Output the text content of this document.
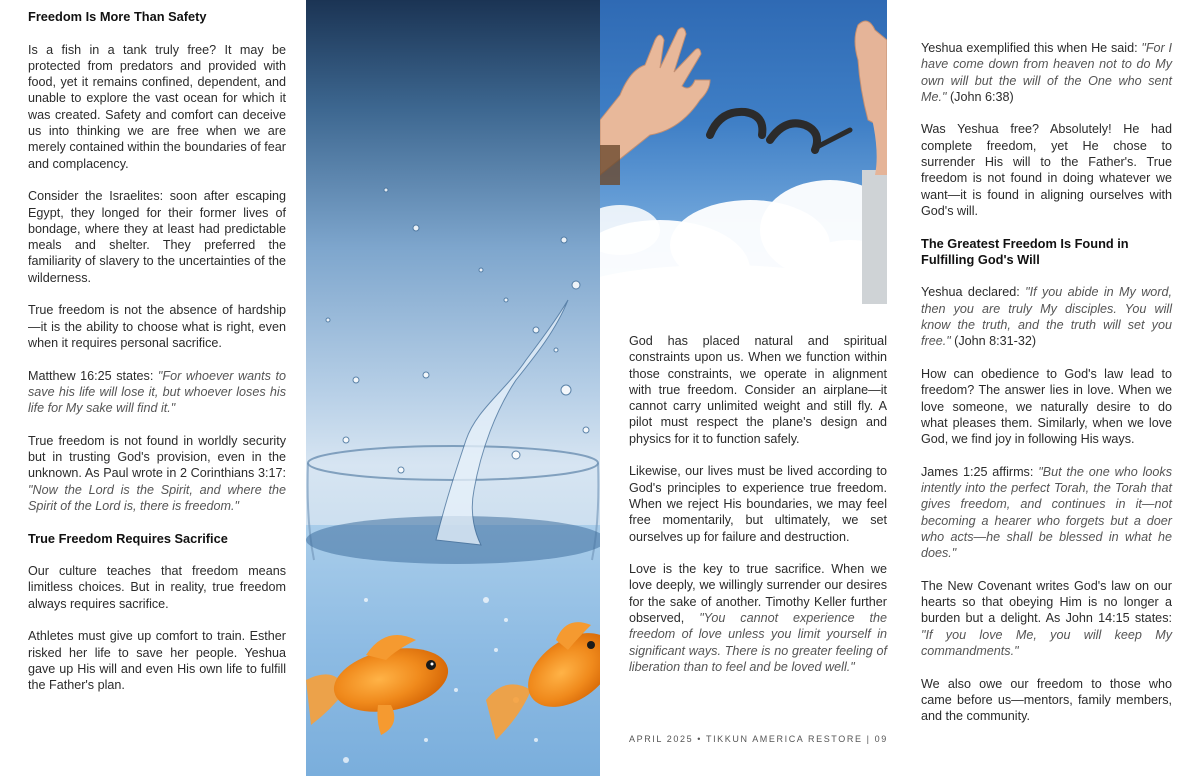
Freedom Is More Than Safety

Is a fish in a tank truly free? It may be protected from predators and provided with food, yet it remains confined, dependent, and unable to explore the vast ocean for which it was created. Safety and comfort can deceive us into thinking we are free when we are merely contained within the boundaries of fear and complacency.

Consider the Israelites: soon after escaping Egypt, they longed for their former lives of bondage, where they at least had predictable meals and shelter. They preferred the familiarity of slavery to the uncertainties of the wilderness.

True freedom is not the absence of hardship—it is the ability to choose what is right, even when it requires personal sacrifice.

Matthew 16:25 states: "For whoever wants to save his life will lose it, but whoever loses his life for My sake will find it."

True freedom is not found in worldly security but in trusting God's provision, even in the unknown. As Paul wrote in 2 Corinthians 3:17: "Now the Lord is the Spirit, and where the Spirit of the Lord is, there is freedom."

True Freedom Requires Sacrifice

Our culture teaches that freedom means limitless choices. But in reality, true freedom always requires sacrifice.

Athletes must give up comfort to train. Esther risked her life to save her people. Yeshua gave up His will and even His own life to fulfill the Father's plan.

God has placed natural and spiritual constraints upon us. When we function within those constraints, we operate in alignment with true freedom. Consider an airplane—it cannot carry unlimited weight and still fly. A pilot must respect the plane's design and physics for it to function safely.

Likewise, our lives must be lived according to God's principles to experience true freedom. When we reject His boundaries, we may feel free momentarily, but ultimately, we set ourselves up for failure and destruction.

Love is the key to true sacrifice. When we love deeply, we willingly surrender our desires for the sake of another. Timothy Keller further observed, "You cannot experience the freedom of love unless you limit yourself in significant ways. There is no greater feeling of liberation than to feel and be loved well."

APRIL 2025 • TIKKUN AMERICA RESTORE | 09

Yeshua exemplified this when He said: "For I have come down from heaven not to do My own will but the will of the One who sent Me." (John 6:38)

Was Yeshua free? Absolutely! He had complete freedom, yet He chose to surrender His will to the Father's. True freedom is not found in doing whatever we want—it is found in aligning ourselves with God's will.

The Greatest Freedom Is Found in Fulfilling God's Will

Yeshua declared: "If you abide in My word, then you are truly My disciples. You will know the truth, and the truth will set you free." (John 8:31-32)

How can obedience to God's law lead to freedom? The answer lies in love. When we love someone, we naturally desire to do what pleases them. Similarly, when we love God, we find joy in following His ways.

James 1:25 affirms: "But the one who looks intently into the perfect Torah, the Torah that gives freedom, and continues in it—not becoming a hearer who forgets but a doer who acts—he shall be blessed in what he does."

The New Covenant writes God's law on our hearts so that obeying Him is no longer a burden but a delight. As John 14:15 states: "If you love Me, you will keep My commandments."

We also owe our freedom to those who came before us—mentors, family members, and the community.
